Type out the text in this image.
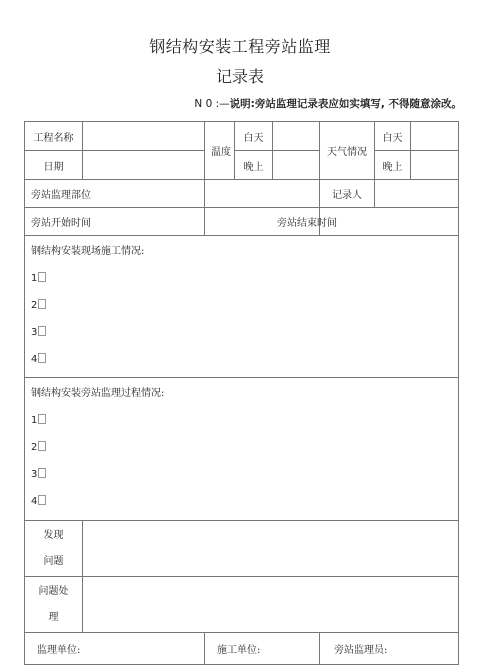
钢结构安装工程旁站监理
记录表
N 0 :—说明:旁站监理记录表应如实填写, 不得随意涂改。
工程名称		温度	白天		天气情况	白天	
日期			晚上			晚上	
旁站监理部位					记录人		
旁站开始时间		旁站结束时间					

钢结构安装现场施工情况:
1
2
3
4							

钢结构安装旁站监理过程情况:
1
2
3
4							

发现
问题							

问题处
理							

监理单位:		施工单位:			旁站监理员:		
